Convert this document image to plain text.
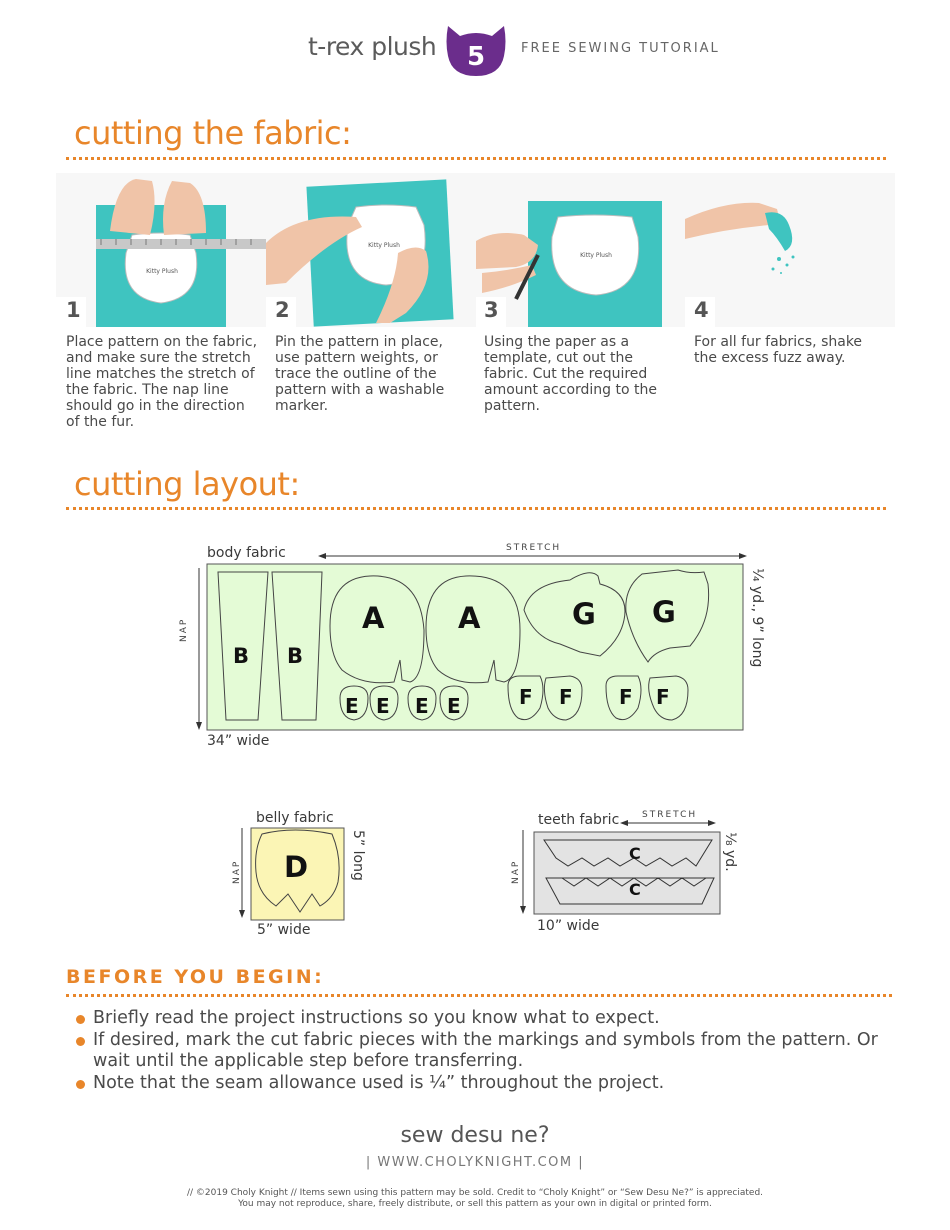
t-rex plush 5	FREE SEWING TUTORIAL
cutting the fabric:
Kitty Plush
Kitty Plush
Kitty Plush
1	2	3	4
Place pattern on the fabric, and make sure the stretch line matches the stretch of the fabric. The nap line should go in the direction of the fur.
Pin the pattern in place, use pattern weights, or trace the outline of the pattern with a washable marker.
Using the paper as a template, cut out the fabric. Cut the required amount according to the pattern.
For all fur fabrics, shake the excess fuzz away.
cutting layout:
body fabric	STRETCH
NAP	¼ yd., 9” long
34” wide
B B
A	A	G G
E E E E	F F F F
belly fabric
NAP	5” long
5” wide
D
teeth fabric	STRETCH
NAP
⅛ yd.
10” wide
C
C
BEFORE YOU BEGIN:
Briefly read the project instructions so you know what to expect.
If desired, mark the cut fabric pieces with the markings and symbols from the pattern. Or wait until the applicable step before transferring.
Note that the seam allowance used is ¼” throughout the project.
sew desu ne?
| WWW.CHOLYKNIGHT.COM |
// ©2019 Choly Knight // Items sewn using this pattern may be sold. Credit to “Choly Knight” or “Sew Desu Ne?” is appreciated.
You may not reproduce, share, freely distribute, or sell this pattern as your own in digital or printed form.
